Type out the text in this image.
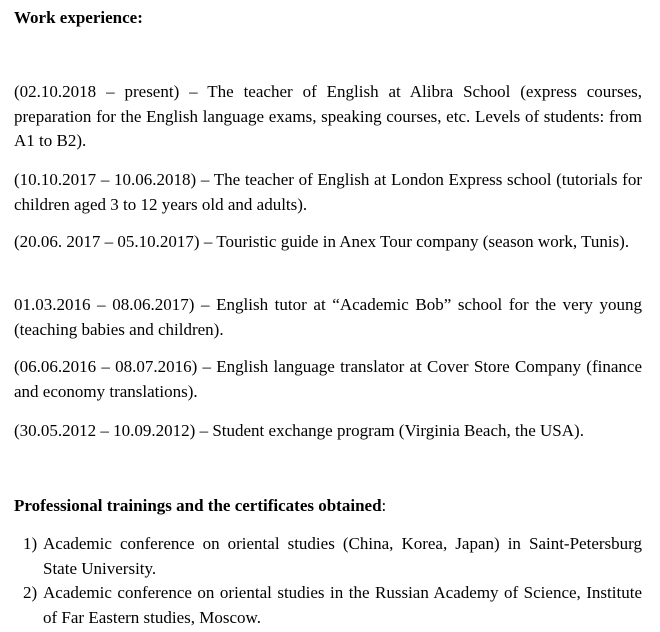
Work experience:

(02.10.2018 – present) – The teacher of English at Alibra School (express courses, preparation for the English language exams, speaking courses, etc. Levels of students: from A1 to B2).

(10.10.2017 – 10.06.2018) – The teacher of English at London Express school (tutorials for children aged 3 to 12 years old and adults).

(20.06. 2017 – 05.10.2017) – Touristic guide in Anex Tour company (season work, Tunis).

01.03.2016 – 08.06.2017) – English tutor at “Academic Bob” school for the very young (teaching babies and children).

(06.06.2016 – 08.07.2016) – English language translator at Cover Store Company (finance and economy translations).

(30.05.2012 – 10.09.2012) – Student exchange program (Virginia Beach, the USA).

Professional trainings and the certificates obtained:

1) Academic conference on oriental studies (China, Korea, Japan) in Saint-Petersburg State University.
2) Academic conference on oriental studies in the Russian Academy of Science, Institute of Far Eastern studies, Moscow.
